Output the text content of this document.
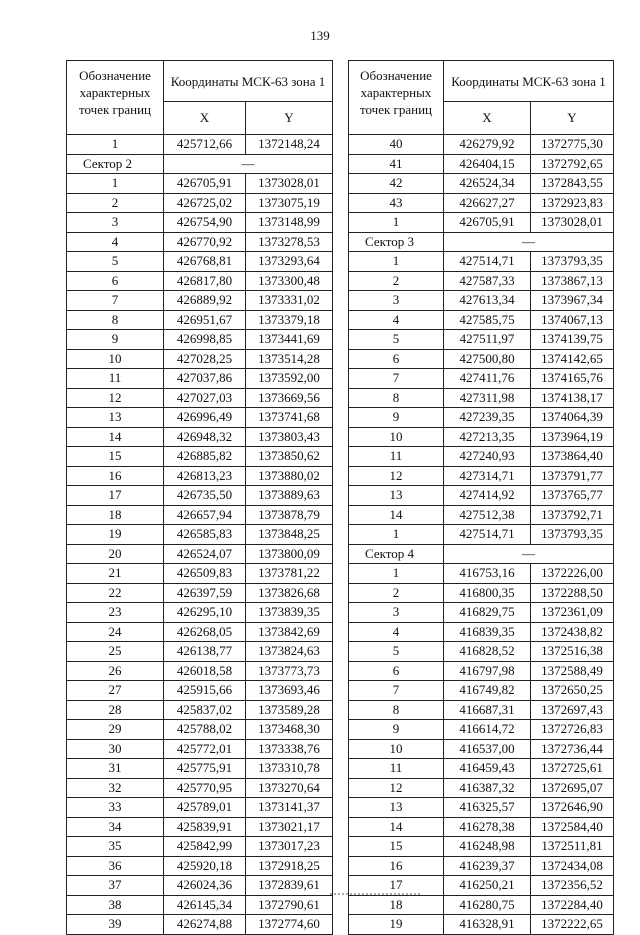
139
Обозначение характерных точек границ	Координаты МСК-63 зона 1	
	X	Y
1	425712,66	1372148,24
Сектор 2	—	
1	426705,91	1373028,01
2	426725,02	1373075,19
3	426754,90	1373148,99
4	426770,92	1373278,53
5	426768,81	1373293,64
6	426817,80	1373300,48
7	426889,92	1373331,02
8	426951,67	1373379,18
9	426998,85	1373441,69
10	427028,25	1373514,28
11	427037,86	1373592,00
12	427027,03	1373669,56
13	426996,49	1373741,68
14	426948,32	1373803,43
15	426885,82	1373850,62
16	426813,23	1373880,02
17	426735,50	1373889,63
18	426657,94	1373878,79
19	426585,83	1373848,25
20	426524,07	1373800,09
21	426509,83	1373781,22
22	426397,59	1373826,68
23	426295,10	1373839,35
24	426268,05	1373842,69
25	426138,77	1373824,63
26	426018,58	1373773,73
27	425915,66	1373693,46
28	425837,02	1373589,28
29	425788,02	1373468,30
30	425772,01	1373338,76
31	425775,91	1373310,78
32	425770,95	1373270,64
33	425789,01	1373141,37
34	425839,91	1373021,17
35	425842,99	1373017,23
36	425920,18	1372918,25
37	426024,36	1372839,61
38	426145,34	1372790,61
39	426274,88	1372774,60
Обозначение характерных точек границ	Координаты МСК-63 зона 1	
	X	Y
40	426279,92	1372775,30
41	426404,15	1372792,65
42	426524,34	1372843,55
43	426627,27	1372923,83
1	426705,91	1373028,01
Сектор 3	—	
1	427514,71	1373793,35
2	427587,33	1373867,13
3	427613,34	1373967,34
4	427585,75	1374067,13
5	427511,97	1374139,75
6	427500,80	1374142,65
7	427411,76	1374165,76
8	427311,98	1374138,17
9	427239,35	1374064,39
10	427213,35	1373964,19
11	427240,93	1373864,40
12	427314,71	1373791,77
13	427414,92	1373765,77
14	427512,38	1373792,71
1	427514,71	1373793,35
Сектор 4	—	
1	416753,16	1372226,00
2	416800,35	1372288,50
3	416829,75	1372361,09
4	416839,35	1372438,82
5	416828,52	1372516,38
6	416797,98	1372588,49
7	416749,82	1372650,25
8	416687,31	1372697,43
9	416614,72	1372726,83
10	416537,00	1372736,44
11	416459,43	1372725,61
12	416387,32	1372695,07
13	416325,57	1372646,90
14	416278,38	1372584,40
15	416248,98	1372511,81
16	416239,37	1372434,08
17	416250,21	1372356,52
18	416280,75	1372284,40
19	416328,91	1372222,65
